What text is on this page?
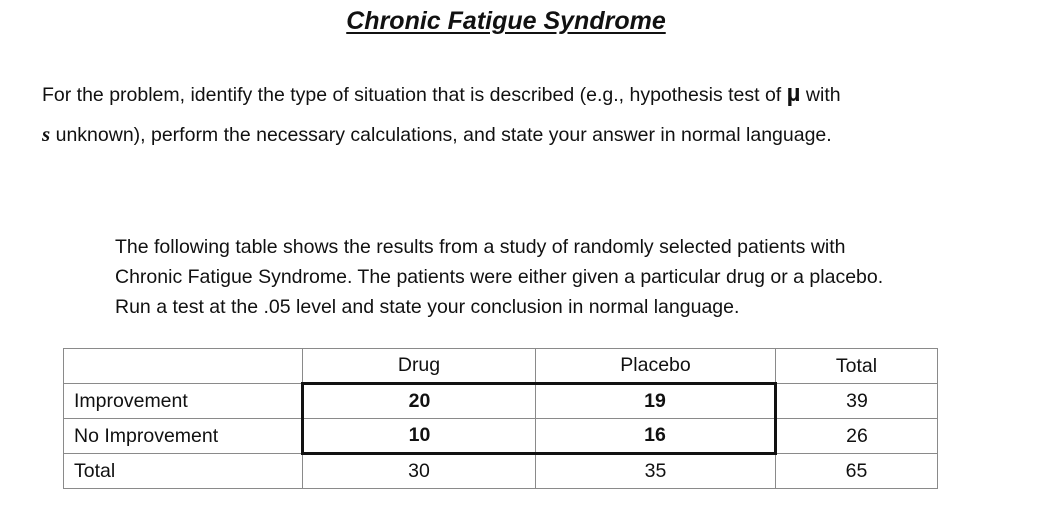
Chronic Fatigue Syndrome
For the problem, identify the type of situation that is described (e.g., hypothesis test of µ with
s unknown), perform the necessary calculations, and state your answer in normal language.
The following table shows the results from a study of randomly selected patients with
Chronic Fatigue Syndrome. The patients were either given a particular drug or a placebo.
Run a test at the .05 level and state your conclusion in normal language.
	Drug	Placebo	Total
Improvement	20	19	39
No Improvement	10	16	26
Total	30	35	65
